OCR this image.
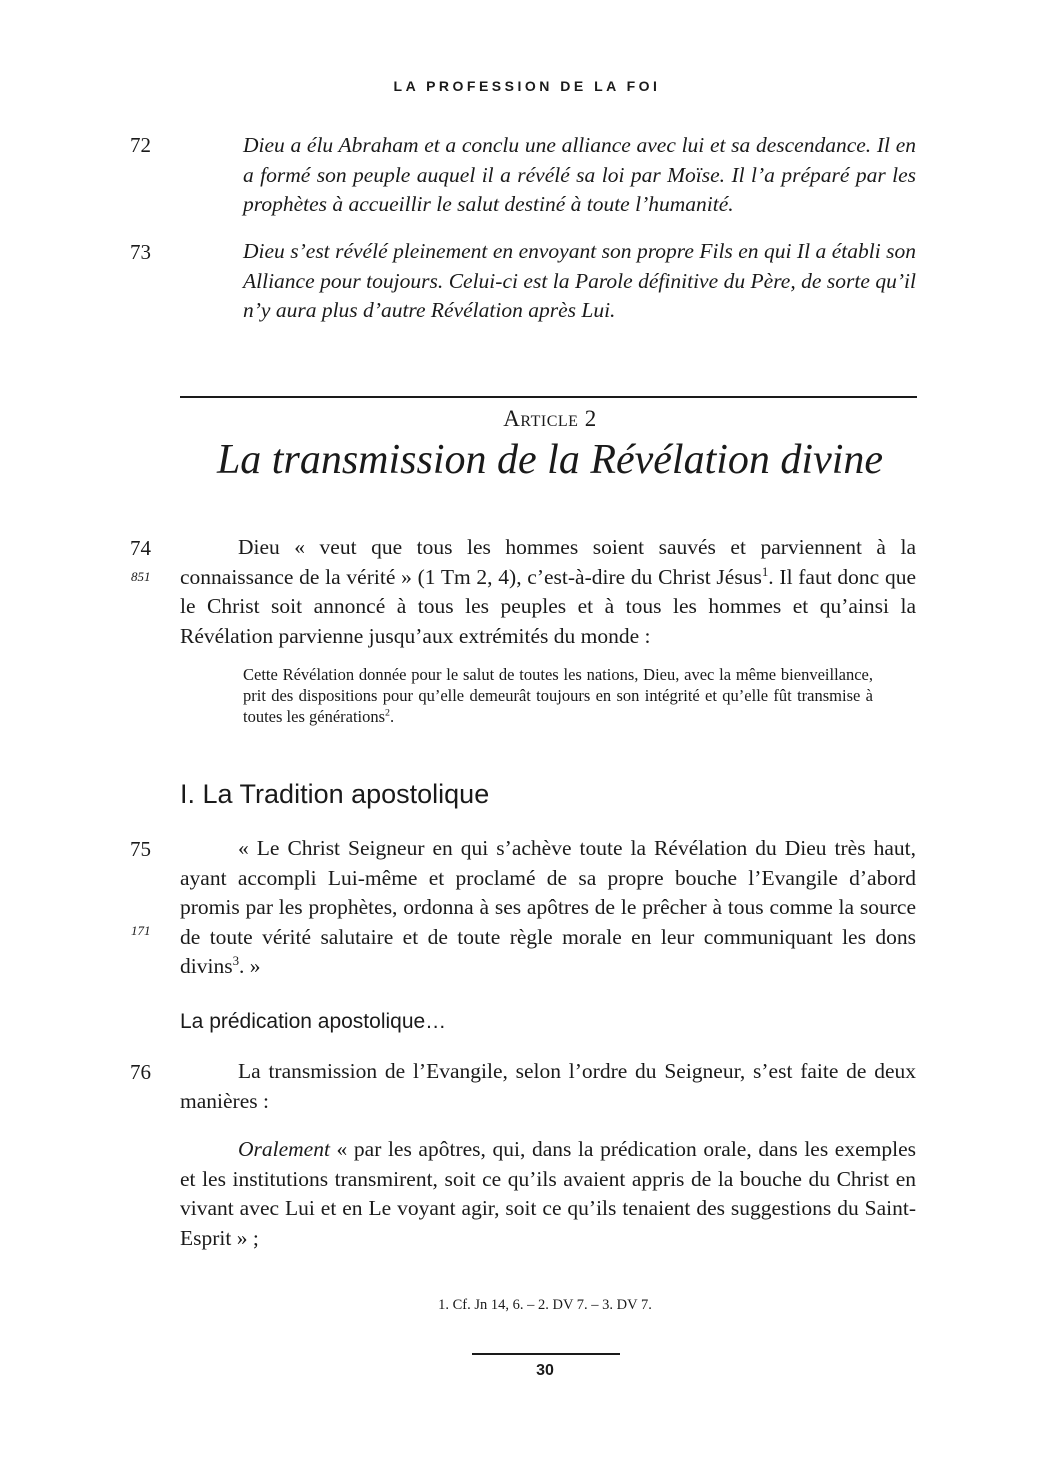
LA PROFESSION DE LA FOI
72	Dieu a élu Abraham et a conclu une alliance avec lui et sa descendance. Il en a formé son peuple auquel il a révélé sa loi par Moïse. Il l’a préparé par les prophètes à accueillir le salut destiné à toute l’humanité.
73	Dieu s’est révélé pleinement en envoyant son propre Fils en qui Il a établi son Alliance pour toujours. Celui-ci est la Parole définitive du Père, de sorte qu’il n’y aura plus d’autre Révélation après Lui.
Article 2
La transmission de la Révélation divine
74
851
Dieu « veut que tous les hommes soient sauvés et parviennent à la connaissance de la vérité » (1 Tm 2, 4), c’est-à-dire du Christ Jésus$^1$. Il faut donc que le Christ soit annoncé à tous les peuples et à tous les hommes et qu’ainsi la Révélation parvienne jusqu’aux extrémités du monde :
Cette Révélation donnée pour le salut de toutes les nations, Dieu, avec la même bienveillance, prit des dispositions pour qu’elle demeurât toujours en son intégrité et qu’elle fût transmise à toutes les générations$^2$.
I. La Tradition apostolique
75
171
« Le Christ Seigneur en qui s’achève toute la Révélation du Dieu très haut, ayant accompli Lui-même et proclamé de sa propre bouche l’Evangile d’abord promis par les prophètes, ordonna à ses apôtres de le prêcher à tous comme la source de toute vérité salutaire et de toute règle morale en leur communiquant les dons divins$^3$. »
La prédication apostolique…
76	La transmission de l’Evangile, selon l’ordre du Seigneur, s’est faite de deux manières :
Oralement « par les apôtres, qui, dans la prédication orale, dans les exemples et les institutions transmirent, soit ce qu’ils avaient appris de la bouche du Christ en vivant avec Lui et en Le voyant agir, soit ce qu’ils tenaient des suggestions du Saint-Esprit » ;
1. Cf. Jn 14, 6. – 2. DV 7. – 3. DV 7.
30
